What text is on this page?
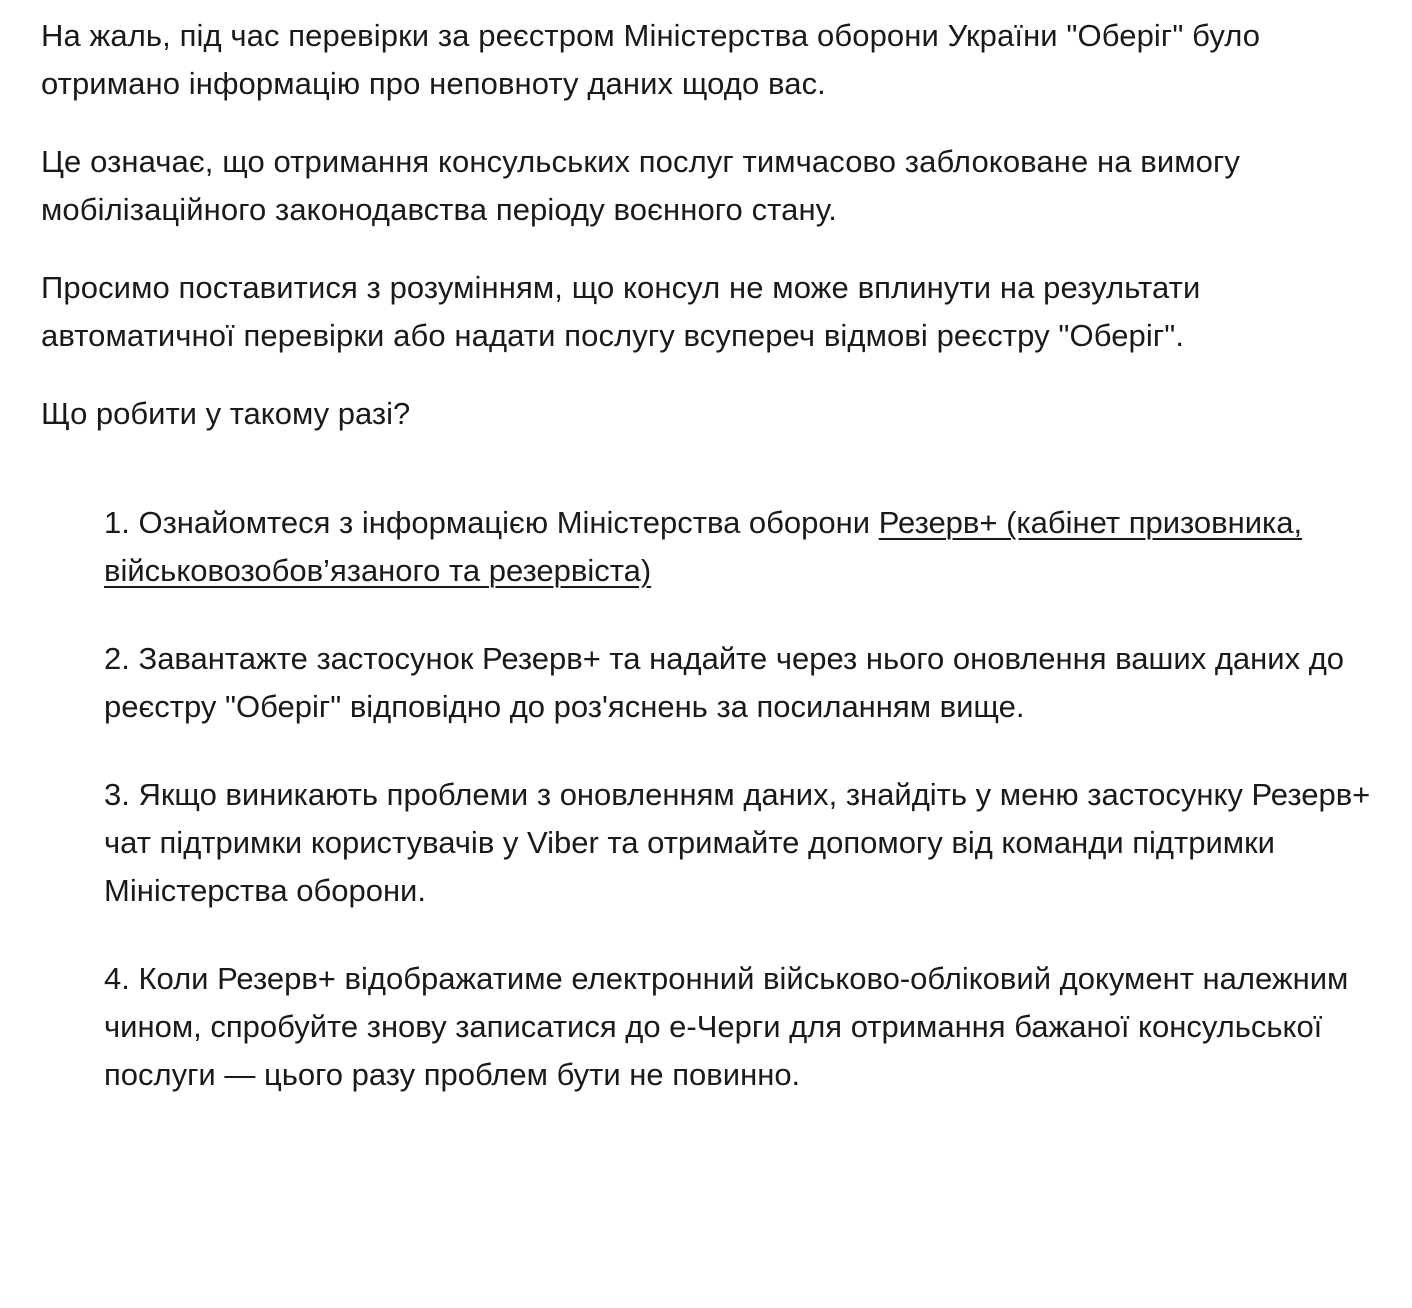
На жаль, під час перевірки за реєстром Міністерства оборони України "Оберіг" було отримано інформацію про неповноту даних щодо вас.

Це означає, що отримання консульських послуг тимчасово заблоковане на вимогу мобілізаційного законодавства періоду воєнного стану.

Просимо поставитися з розумінням, що консул не може вплинути на результати автоматичної перевірки або надати послугу всупереч відмові реєстру "Оберіг".

Що робити у такому разі?

1. Ознайомтеся з інформацією Міністерства оборони Резерв+ (кабінет призовника, військовозобов’язаного та резервіста)
2. Завантажте застосунок Резерв+ та надайте через нього оновлення ваших даних до реєстру "Оберіг" відповідно до роз'яснень за посиланням вище.
3. Якщо виникають проблеми з оновленням даних, знайдіть у меню застосунку Резерв+ чат підтримки користувачів у Viber та отримайте допомогу від команди підтримки Міністерства оборони.
4. Коли Резерв+ відображатиме електронний військово-обліковий документ належним чином, спробуйте знову записатися до е-Черги для отримання бажаної консульської послуги — цього разу проблем бути не повинно.
